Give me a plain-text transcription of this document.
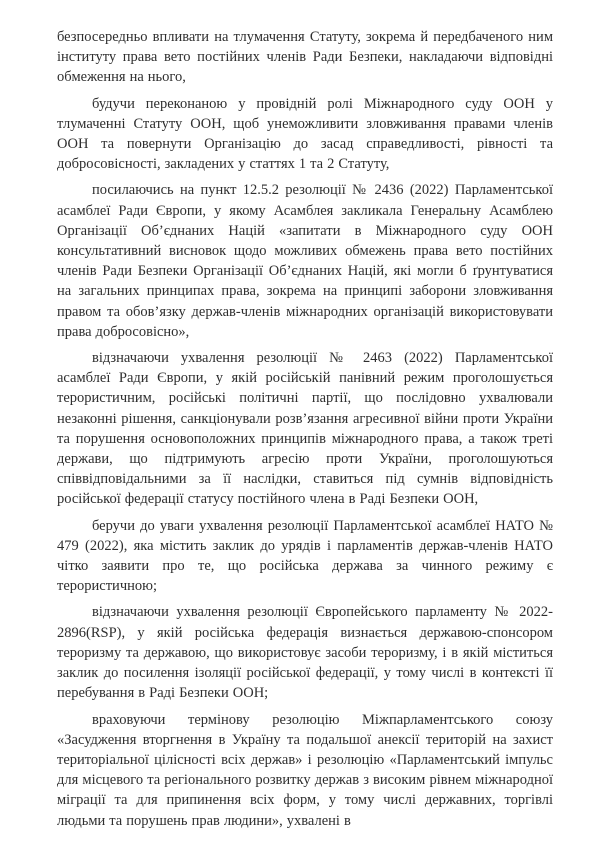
безпосередньо впливати на тлумачення Статуту, зокрема й передбаченого ним інституту права вето постійних членів Ради Безпеки, накладаючи відповідні обмеження на нього,

будучи переконаною у провідній ролі Міжнародного суду ООН у тлумаченні Статуту ООН, щоб унеможливити зловживання правами членів ООН та повернути Організацію до засад справедливості, рівності та добросовісності, закладених у статтях 1 та 2 Статуту,

посилаючись на пункт 12.5.2 резолюції № 2436 (2022) Парламентської асамблеї Ради Європи, у якому Асамблея закликала Генеральну Асамблею Організації Об’єднаних Націй «запитати в Міжнародного суду ООН консультативний висновок щодо можливих обмежень права вето постійних членів Ради Безпеки Організації Об’єднаних Націй, які могли б ґрунтуватися на загальних принципах права, зокрема на принципі заборони зловживання правом та обов’язку держав-членів міжнародних організацій використовувати права добросовісно»,

відзначаючи ухвалення резолюції № 2463 (2022) Парламентської асамблеї Ради Європи, у якій російській панівний режим проголошується терористичним, російські політичні партії, що послідовно ухвалювали незаконні рішення, санкціонували розв’язання агресивної війни проти України та порушення основоположних принципів міжнародного права, а також треті держави, що підтримують агресію проти України, проголошуються співвідповідальними за її наслідки, ставиться під сумнів відповідність російської федерації статусу постійного члена в Раді Безпеки ООН,

беручи до уваги ухвалення резолюції Парламентської асамблеї НАТО № 479 (2022), яка містить заклик до урядів і парламентів держав-членів НАТО чітко заявити про те, що російська держава за чинного режиму є терористичною;

відзначаючи ухвалення резолюції Європейського парламенту № 2022-2896(RSP), у якій російська федерація визнається державою-спонсором тероризму та державою, що використовує засоби тероризму, і в якій міститься заклик до посилення ізоляції російської федерації, у тому числі в контексті її перебування в Раді Безпеки ООН;

враховуючи термінову резолюцію Міжпарламентського союзу «Засудження вторгнення в Україну та подальшої анексії територій на захист територіальної цілісності всіх держав» і резолюцію «Парламентський імпульс для місцевого та регіонального розвитку держав з високим рівнем міжнародної міграції та для припинення всіх форм, у тому числі державних, торгівлі людьми та порушень прав людини», ухвалені в
